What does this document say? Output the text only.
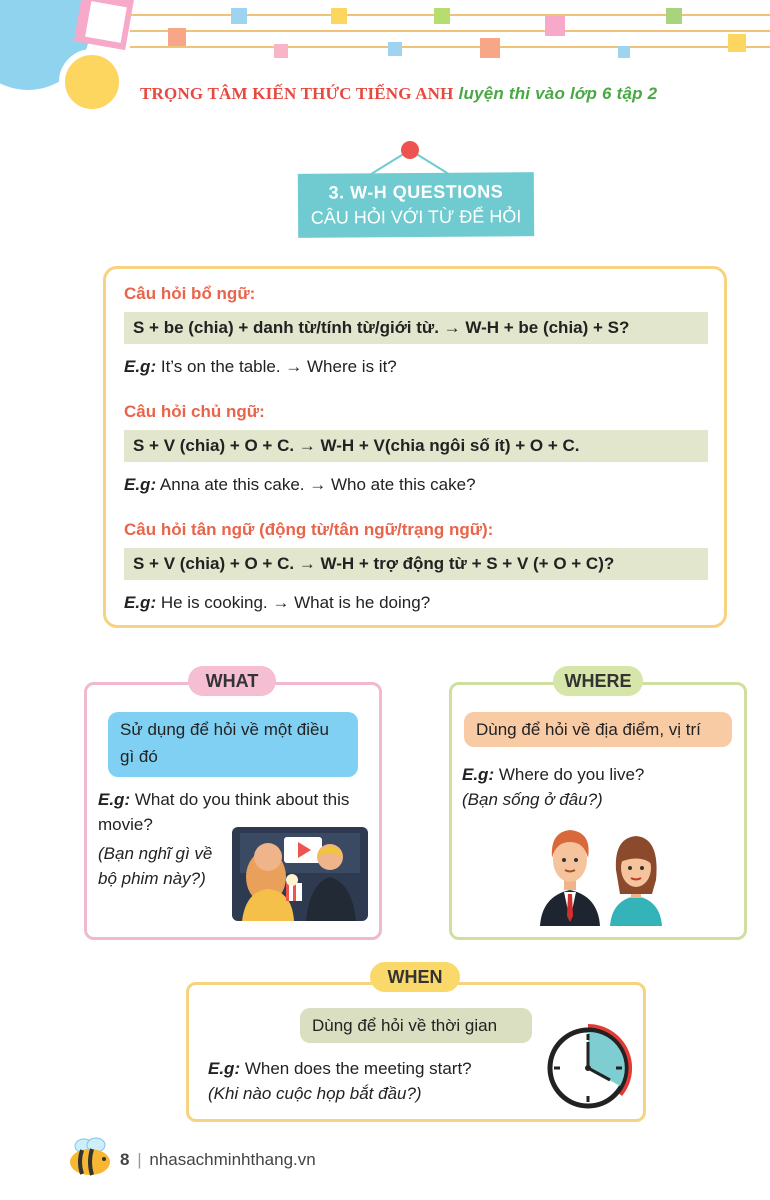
TRỌNG TÂM KIẾN THỨC TIẾNG ANH luyện thi vào lớp 6 tập 2
3. W-H QUESTIONS
CÂU HỎI VỚI TỪ ĐỂ HỎI
Câu hỏi bổ ngữ:
S + be (chia) + danh từ/tính từ/giới từ. → W-H + be (chia) + S?
E.g: It’s on the table. → Where is it?
Câu hỏi chủ ngữ:
S + V (chia) + O + C. → W-H + V(chia ngôi số ít) + O + C.
E.g: Anna ate this cake. → Who ate this cake?
Câu hỏi tân ngữ (động từ/tân ngữ/trạng ngữ):
S + V (chia) + O + C. → W-H + trợ động từ + S + V (+ O + C)?
E.g: He is cooking. → What is he doing?
WHAT
Sử dụng để hỏi về một điều
gì đó
E.g: What do you think about this
movie?
(Bạn nghĩ gì về
bộ phim này?)
WHERE
Dùng để hỏi về địa điểm, vị trí
E.g: Where do you live?
(Bạn sống ở đâu?)
WHEN
Dùng để hỏi về thời gian
E.g: When does the meeting start?
(Khi nào cuộc họp bắt đầu?)
8 | nhasachminhthang.vn
